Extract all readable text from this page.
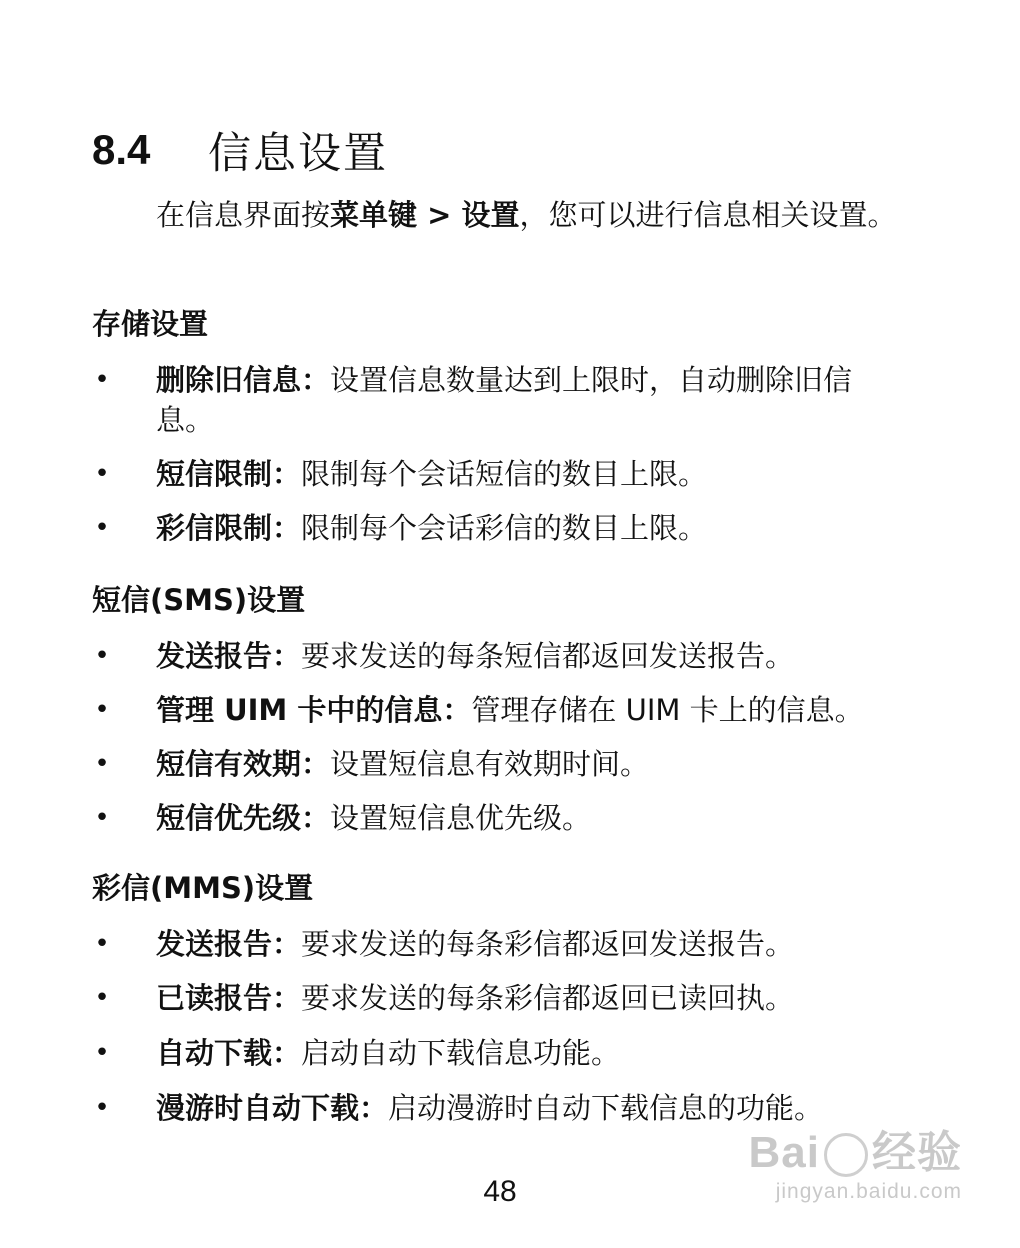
8.4	信息设置
在信息界面按菜单键 > 设置，您可以进行信息相关设置。
存储设置
• 删除旧信息：设置信息数量达到上限时，自动删除旧信息。
• 短信限制：限制每个会话短信的数目上限。
• 彩信限制：限制每个会话彩信的数目上限。
短信(SMS)设置
• 发送报告：要求发送的每条短信都返回发送报告。
• 管理 UIM 卡中的信息：管理存储在 UIM 卡上的信息。
• 短信有效期：设置短信息有效期时间。
• 短信优先级：设置短信息优先级。
彩信(MMS)设置
• 发送报告：要求发送的每条彩信都返回发送报告。
• 已读报告：要求发送的每条彩信都返回已读回执。
• 自动下载：启动自动下载信息功能。
• 漫游时自动下载：启动漫游时自动下载信息的功能。
48
Bai 经验
jingyan.baidu.com
